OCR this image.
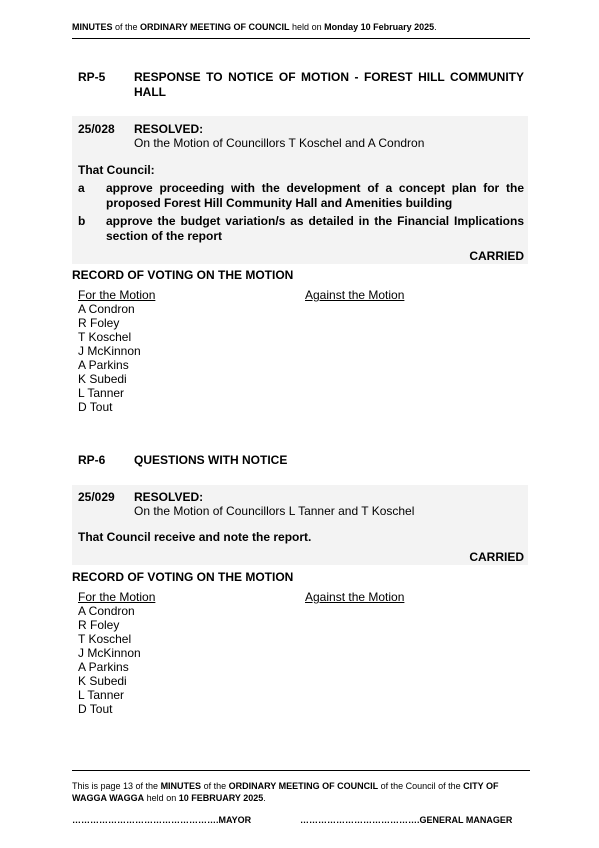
MINUTES of the ORDINARY MEETING OF COUNCIL held on Monday 10 February 2025.
RP-5 RESPONSE TO NOTICE OF MOTION - FOREST HILL COMMUNITY HALL
25/028 RESOLVED:
On the Motion of Councillors T Koschel and A Condron
That Council:
a approve proceeding with the development of a concept plan for the proposed Forest Hill Community Hall and Amenities building
b approve the budget variation/s as detailed in the Financial Implications section of the report
CARRIED
RECORD OF VOTING ON THE MOTION
For the Motion	Against the Motion
A Condron
R Foley
T Koschel
J McKinnon
A Parkins
K Subedi
L Tanner
D Tout
RP-6 QUESTIONS WITH NOTICE
25/029 RESOLVED:
On the Motion of Councillors L Tanner and T Koschel
That Council receive and note the report.
CARRIED
RECORD OF VOTING ON THE MOTION
For the Motion	Against the Motion
A Condron
R Foley
T Koschel
J McKinnon
A Parkins
K Subedi
L Tanner
D Tout
This is page 13 of the MINUTES of the ORDINARY MEETING OF COUNCIL of the Council of the CITY OF WAGGA WAGGA held on 10 FEBRUARY 2025.
………………………………………….MAYOR	………………………………….GENERAL MANAGER
